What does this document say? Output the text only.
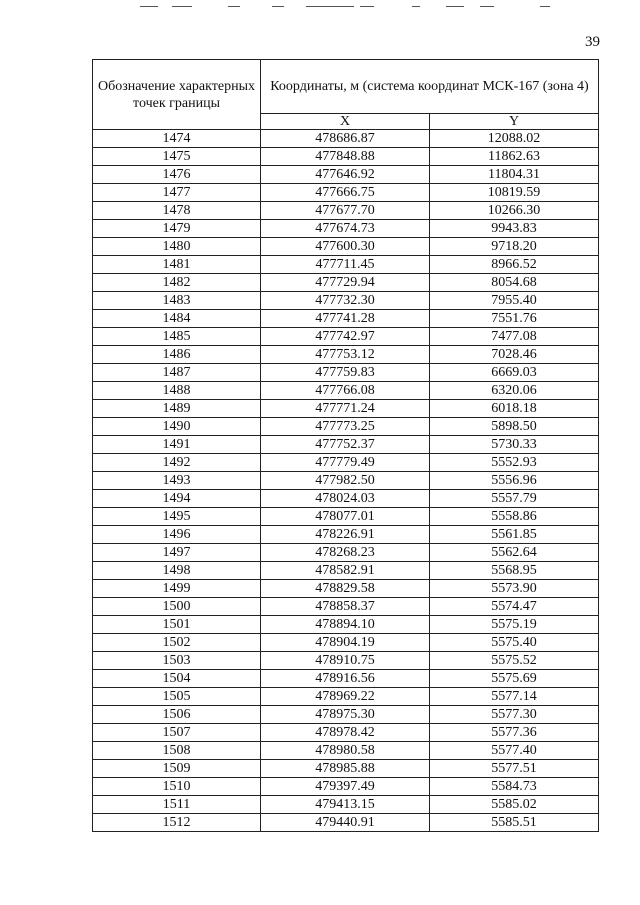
39
Обозначение характерных точек границы	Координаты, м (система координат МСК-167 (зона 4)	
	X	Y
1474	478686.87	12088.02
1475	477848.88	11862.63
1476	477646.92	11804.31
1477	477666.75	10819.59
1478	477677.70	10266.30
1479	477674.73	9943.83
1480	477600.30	9718.20
1481	477711.45	8966.52
1482	477729.94	8054.68
1483	477732.30	7955.40
1484	477741.28	7551.76
1485	477742.97	7477.08
1486	477753.12	7028.46
1487	477759.83	6669.03
1488	477766.08	6320.06
1489	477771.24	6018.18
1490	477773.25	5898.50
1491	477752.37	5730.33
1492	477779.49	5552.93
1493	477982.50	5556.96
1494	478024.03	5557.79
1495	478077.01	5558.86
1496	478226.91	5561.85
1497	478268.23	5562.64
1498	478582.91	5568.95
1499	478829.58	5573.90
1500	478858.37	5574.47
1501	478894.10	5575.19
1502	478904.19	5575.40
1503	478910.75	5575.52
1504	478916.56	5575.69
1505	478969.22	5577.14
1506	478975.30	5577.30
1507	478978.42	5577.36
1508	478980.58	5577.40
1509	478985.88	5577.51
1510	479397.49	5584.73
1511	479413.15	5585.02
1512	479440.91	5585.51
